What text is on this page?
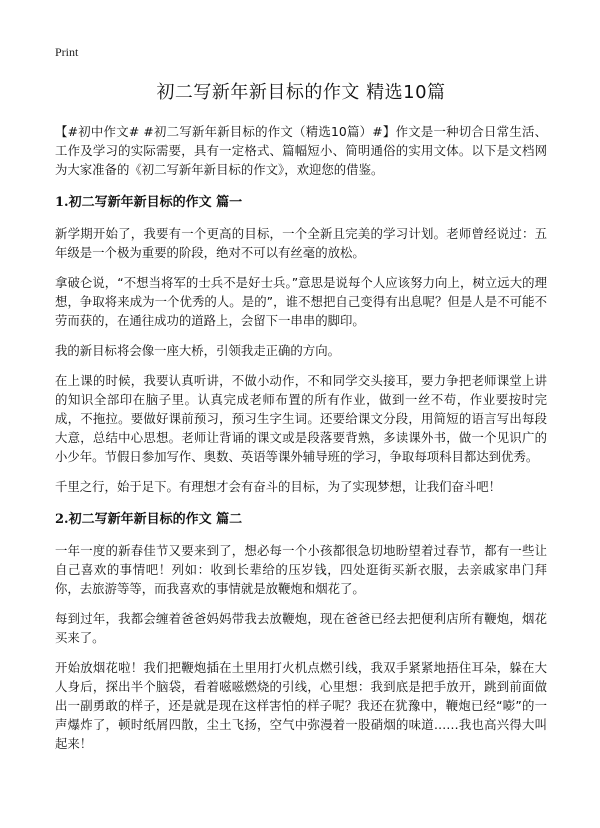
Print
初二写新年新目标的作文 精选10篇

【#初中作文# #初二写新年新目标的作文（精选10篇）#】作文是一种切合日常生活、工作及学习的实际需要，具有一定格式、篇幅短小、简明通俗的实用文体。以下是文档网为大家准备的《初二写新年新目标的作文》，欢迎您的借鉴。

1.初二写新年新目标的作文 篇一

新学期开始了，我要有一个更高的目标，一个全新且完美的学习计划。老师曾经说过：五年级是一个极为重要的阶段，绝对不可以有丝毫的放松。

拿破仑说，“不想当将军的士兵不是好士兵。”意思是说每个人应该努力向上，树立远大的理想，争取将来成为一个优秀的人。是的”，谁不想把自己变得有出息呢？但是人是不可能不劳而获的，在通往成功的道路上，会留下一串串的脚印。

我的新目标将会像一座大桥，引领我走正确的方向。

在上课的时候，我要认真听讲，不做小动作，不和同学交头接耳，要力争把老师课堂上讲的知识全部印在脑子里。认真完成老师布置的所有作业，做到一丝不苟，作业要按时完成，不拖拉。要做好课前预习，预习生字生词。还要给课文分段，用简短的语言写出每段大意，总结中心思想。老师让背诵的课文或是段落要背熟，多读课外书，做一个见识广的小少年。节假日参加写作、奥数、英语等课外辅导班的学习，争取每项科目都达到优秀。

千里之行，始于足下。有理想才会有奋斗的目标，为了实现梦想，让我们奋斗吧！

2.初二写新年新目标的作文 篇二

一年一度的新春佳节又要来到了，想必每一个小孩都很急切地盼望着过春节，都有一些让自己喜欢的事情吧！列如：收到长辈给的压岁钱，四处逛街买新衣服，去亲戚家串门拜你，去旅游等等，而我喜欢的事情就是放鞭炮和烟花了。

每到过年，我都会缠着爸爸妈妈带我去放鞭炮，现在爸爸已经去把便利店所有鞭炮，烟花买来了。

开始放烟花啦！我们把鞭炮插在土里用打火机点燃引线，我双手紧紧地捂住耳朵，躲在大人身后，探出半个脑袋，看着嗞嗞燃烧的引线，心里想：我到底是把手放开，跳到前面做出一副勇敢的样子，还是就是现在这样害怕的样子呢？我还在犹豫中，鞭炮已经“嘭”的一声爆炸了，顿时纸屑四散，尘土飞扬，空气中弥漫着一股硝烟的味道……我也高兴得大叫起来！
